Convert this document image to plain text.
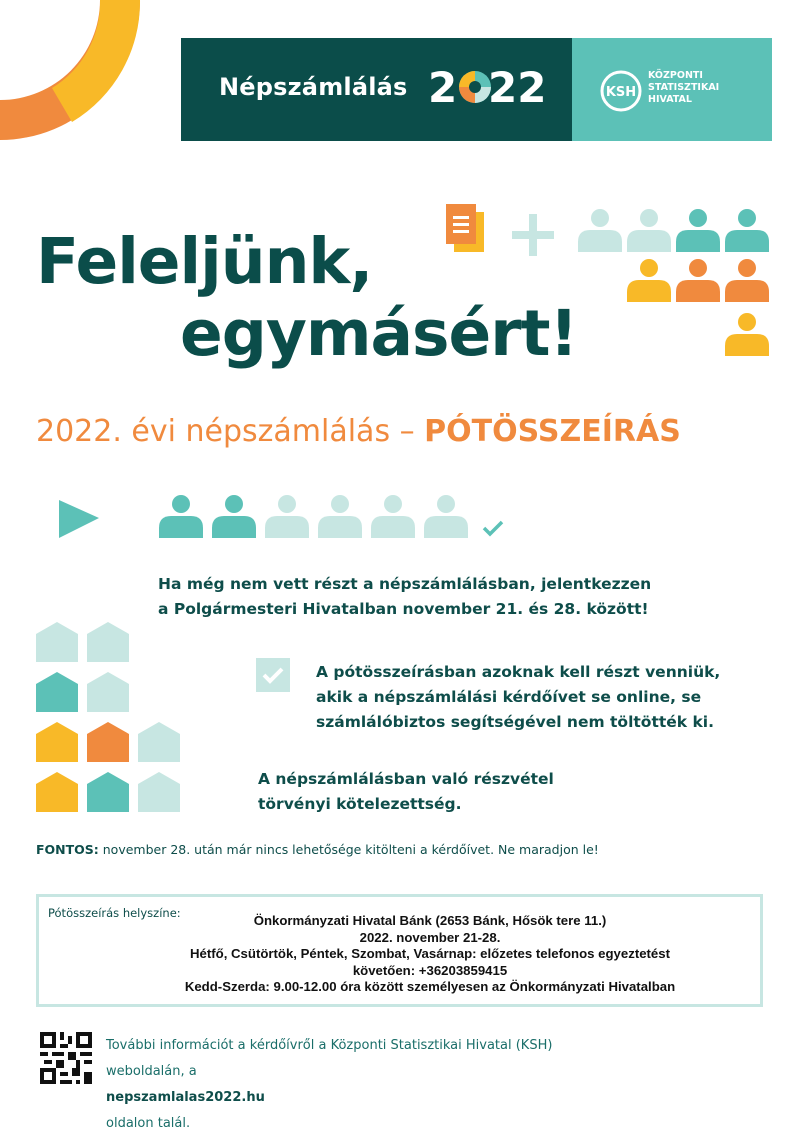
Népszámlálás 2 22	KSH
KÖZPONTI
STATISZTIKAI
HIVATAL
Feleljünk,
egymásért!
2022. évi népszámlálás – PÓTÖSSZEÍRÁS
Ha még nem vett részt a népszámlálásban, jelentkezzen
a Polgármesteri Hivatalban november 21. és 28. között!
A pótösszeírásban azoknak kell részt venniük,
akik a népszámlálási kérdőívet se online, se
számlálóbiztos segítségével nem töltötték ki.
A népszámlálásban való részvétel
törvényi kötelezettség.
FONTOS: november 28. után már nincs lehetősége kitölteni a kérdőívet. Ne maradjon le!
Pótösszeírás helyszíne:	Önkormányzati Hivatal Bánk (2653 Bánk, Hősök tere 11.)
2022. november 21-28.
Hétfő, Csütörtök, Péntek, Szombat, Vasárnap: előzetes telefonos egyeztetést
követően: +36203859415
Kedd-Szerda: 9.00-12.00 óra között személyesen az Önkormányzati Hivatalban
További információt a kérdőívről a Központi Statisztikai Hivatal (KSH)
weboldalán, a
nepszamlalas2022.hu
oldalon talál.
